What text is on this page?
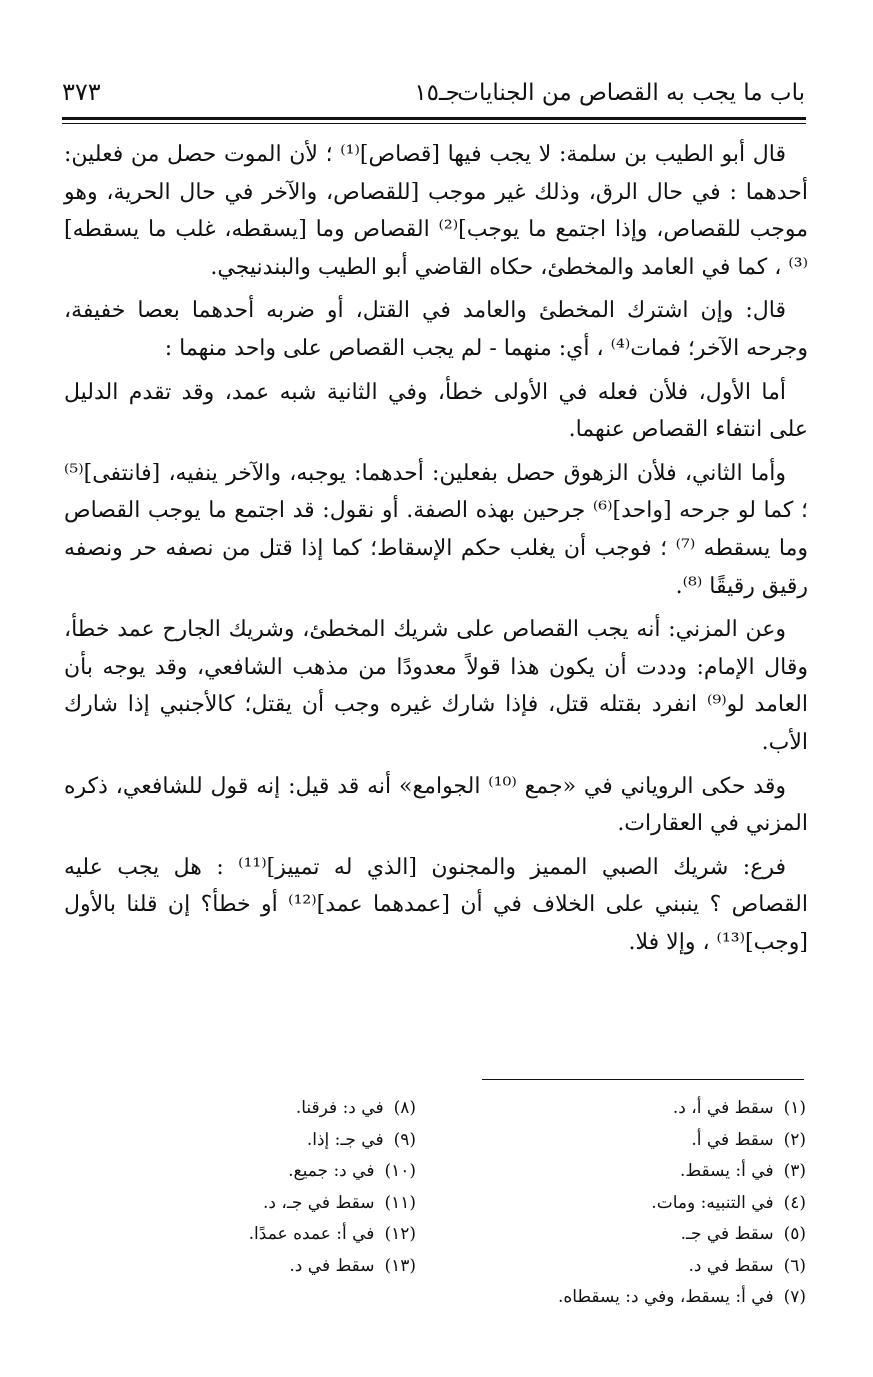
باب ما يجب به القصاص من الجنايات
جـ١٥
٣٧٣

قال أبو الطيب بن سلمة: لا يجب فيها [قصاص]⁽¹⁾ ؛ لأن الموت حصل من فعلين: أحدهما : في حال الرق، وذلك غير موجب [للقصاص، والآخر في حال الحرية، وهو موجب للقصاص، وإذا اجتمع ما يوجب]⁽²⁾ القصاص وما [يسقطه، غلب ما يسقطه]⁽³⁾ ، كما في العامد والمخطئ، حكاه القاضي أبو الطيب والبندنيجي.

قال: وإن اشترك المخطئ والعامد في القتل، أو ضربه أحدهما بعصا خفيفة، وجرحه الآخر؛ فمات⁽⁴⁾ ، أي: منهما - لم يجب القصاص على واحد منهما :

أما الأول، فلأن فعله في الأولى خطأ، وفي الثانية شبه عمد، وقد تقدم الدليل على انتفاء القصاص عنهما.

وأما الثاني، فلأن الزهوق حصل بفعلين: أحدهما: يوجبه، والآخر ينفيه، [فانتفى]⁽⁵⁾ ؛ كما لو جرحه [واحد]⁽⁶⁾ جرحين بهذه الصفة. أو نقول: قد اجتمع ما يوجب القصاص وما يسقطه ⁽⁷⁾ ؛ فوجب أن يغلب حكم الإسقاط؛ كما إذا قتل من نصفه حر ونصفه رقيق رقيقًا ⁽⁸⁾.

وعن المزني: أنه يجب القصاص على شريك المخطئ، وشريك الجارح عمد خطأ، وقال الإمام: وددت أن يكون هذا قولاً معدودًا من مذهب الشافعي، وقد يوجه بأن العامد لو⁽⁹⁾ انفرد بقتله قتل، فإذا شارك غيره وجب أن يقتل؛ كالأجنبي إذا شارك الأب.

وقد حكى الروياني في «جمع ⁽¹⁰⁾ الجوامع» أنه قد قيل: إنه قول للشافعي، ذكره المزني في العقارات.

فرع: شريك الصبي المميز والمجنون [الذي له تمييز]⁽¹¹⁾ : هل يجب عليه القصاص ؟ ينبني على الخلاف في أن [عمدهما عمد]⁽¹²⁾ أو خطأ؟ إن قلنا بالأول [وجب]⁽¹³⁾ ، وإلا فلا.

(١)سقط في أ، د.
(٢)سقط في أ.
(٣)في أ: يسقط.
(٤)في التنبيه: ومات.
(٥)سقط في جـ.
(٦)سقط في د.
(٧)في أ: يسقط، وفي د: يسقطاه.
(٨)في د: فرقنا.
(٩)في جـ: إذا.
(١٠)في د: جميع.
(١١)سقط في جـ، د.
(١٢)في أ: عمده عمدًا.
(١٣)سقط في د.
